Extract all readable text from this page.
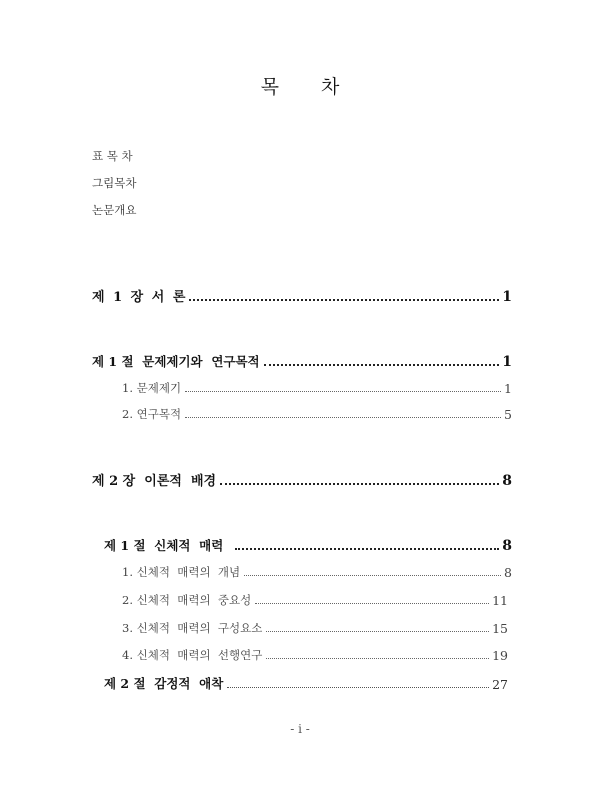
목 차
표 목 차
그림목차
논문개요
제 1 장 서 론	1
제 1 절  문제제기와  연구목적	1
1. 문제제기	1
2. 연구목적	5
제 2 장  이론적  배경	8
제 1 절  신체적  매력	8
1. 신체적  매력의  개념	8
2. 신체적  매력의  중요성	11
3. 신체적  매력의  구성요소	15
4. 신체적  매력의  선행연구	19
제 2 절  감정적  애착	27
- i -
